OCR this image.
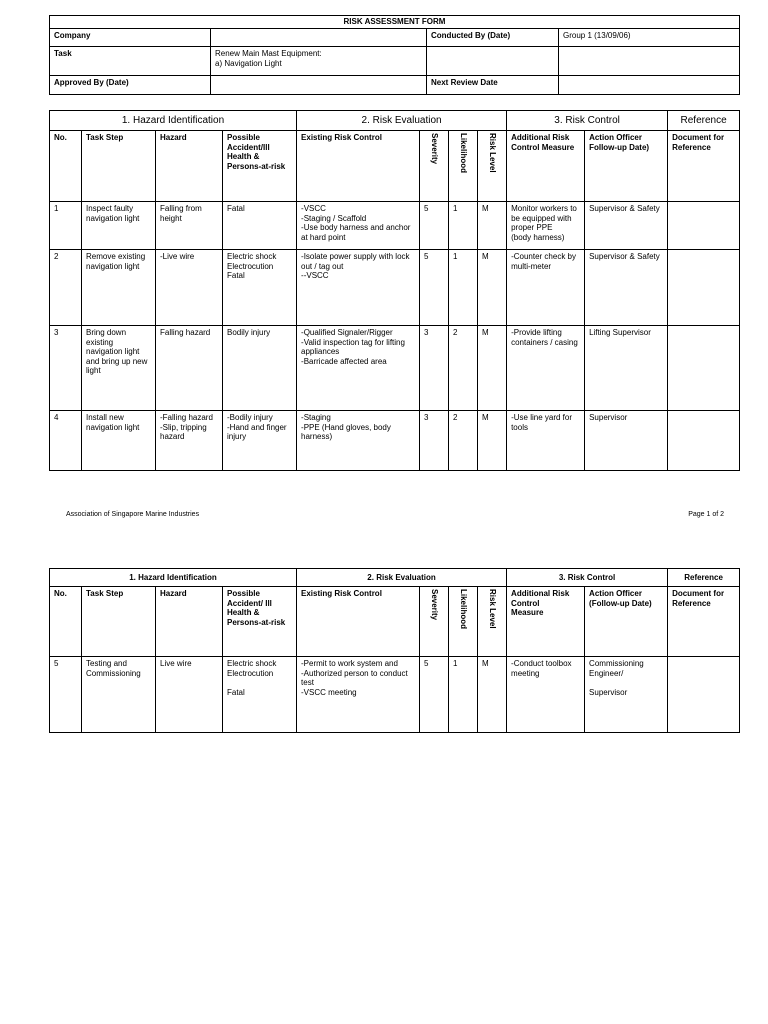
RISK ASSESSMENT FORM			
Company		Conducted By (Date)	Group 1 (13/09/06)
Task	Renew Main Mast Equipment:
a) Navigation Light		
Approved By (Date)		Next Review Date	
1. Hazard Identification				2. Risk Evaluation				3. Risk Control		Reference
No.	Task Step	Hazard	Possible Accident/Ill Health &
Persons-at-risk	Existing Risk Control	Severity	Likelihood	Risk Level	Additional Risk Control Measure	Action Officer Follow-up Date)	Document for Reference
1	Inspect faulty navigation light	Falling from height	Fatal	-VSCC
-Staging / Scaffold
-Use body harness and anchor at hard point	5	1	M	Monitor workers to be equipped with proper PPE
(body harness)	Supervisor & Safety	
2	Remove existing navigation light	-Live wire	Electric shock
Electrocution
Fatal	-Isolate power supply with lock out / tag out
--VSCC	5	1	M	-Counter check by multi-meter	Supervisor & Safety	
3	Bring down existing navigation light and bring up new light	Falling hazard	Bodily injury	-Qualified Signaler/Rigger
-Valid inspection tag for lifting appliances
-Barricade affected area	3	2	M	-Provide lifting containers / casing	Lifting Supervisor	
4	Install new navigation light	-Falling hazard
-Slip, tripping hazard	-Bodily injury
-Hand and finger injury	-Staging
-PPE (Hand gloves, body harness)	3	2	M	-Use line yard for tools	Supervisor	
Association of Singapore Marine Industries	Page 1 of 2
1. Hazard Identification				2. Risk Evaluation				3. Risk Control		Reference
No.	Task Step	Hazard	Possible Accident/ Ill Health &
Persons-at-risk	Existing Risk Control	Severity	Likelihood	Risk Level	Additional Risk Control
Measure	Action Officer (Follow-up Date)	Document for Reference
5	Testing and Commissioning	Live wire	Electric shock
Electrocution

Fatal	-Permit to work system and
-Authorized person to conduct test
-VSCC meeting	5	1	M	-Conduct toolbox meeting	Commissioning Engineer/

Supervisor	
